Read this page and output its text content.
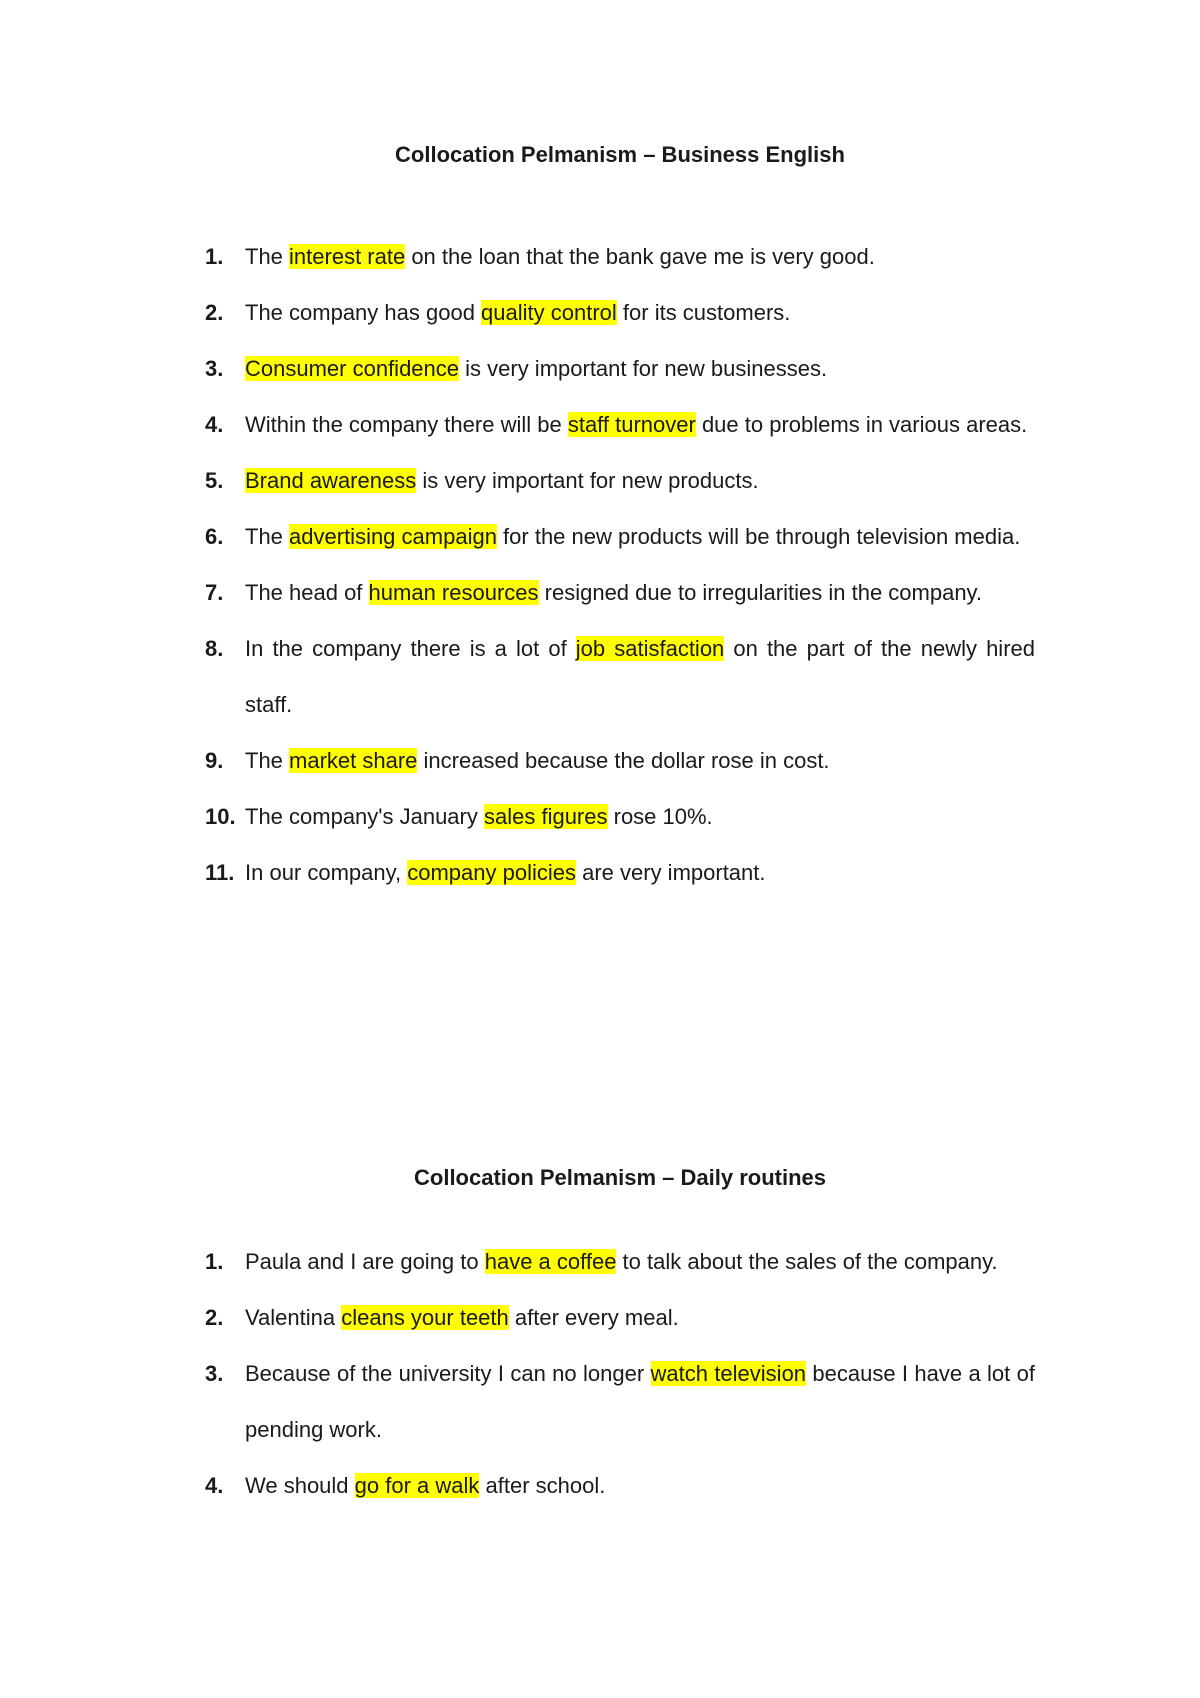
Collocation Pelmanism – Business English
1. The interest rate on the loan that the bank gave me is very good.
2. The company has good quality control for its customers.
3. Consumer confidence is very important for new businesses.
4. Within the company there will be staff turnover due to problems in various areas.
5. Brand awareness is very important for new products.
6. The advertising campaign for the new products will be through television media.
7. The head of human resources resigned due to irregularities in the company.
8. In the company there is a lot of job satisfaction on the part of the newly hired staff.
9. The market share increased because the dollar rose in cost.
10. The company's January sales figures rose 10%.
11. In our company, company policies are very important.
Collocation Pelmanism – Daily routines
1. Paula and I are going to have a coffee to talk about the sales of the company.
2. Valentina cleans your teeth after every meal.
3. Because of the university I can no longer watch television because I have a lot of pending work.
4. We should go for a walk after school.
